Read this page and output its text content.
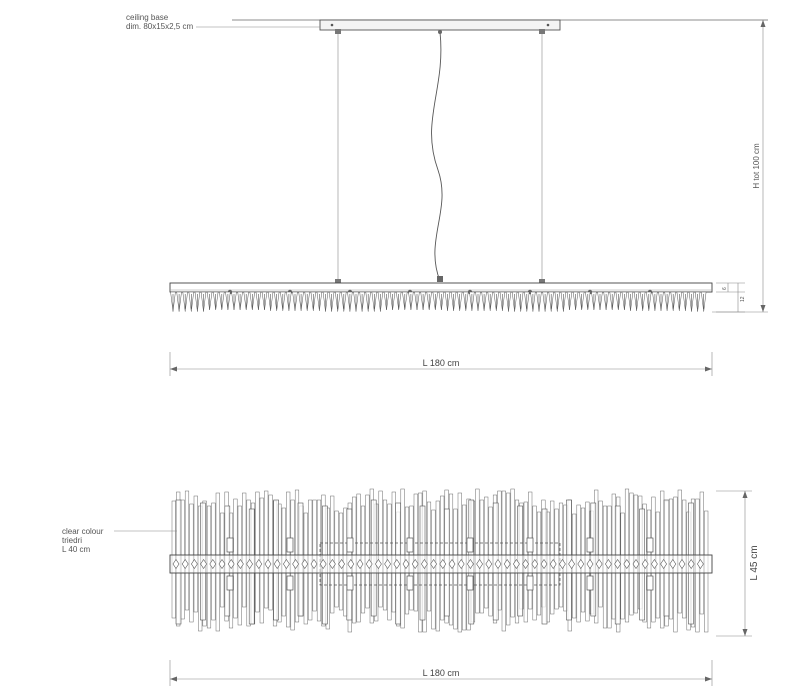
ceiling base
dim. 80x15x2,5 cm
6
12
H tot 100 cm
L 180 cm
clear colour
triedri
L 40 cm	L 45 cm
L 180 cm
